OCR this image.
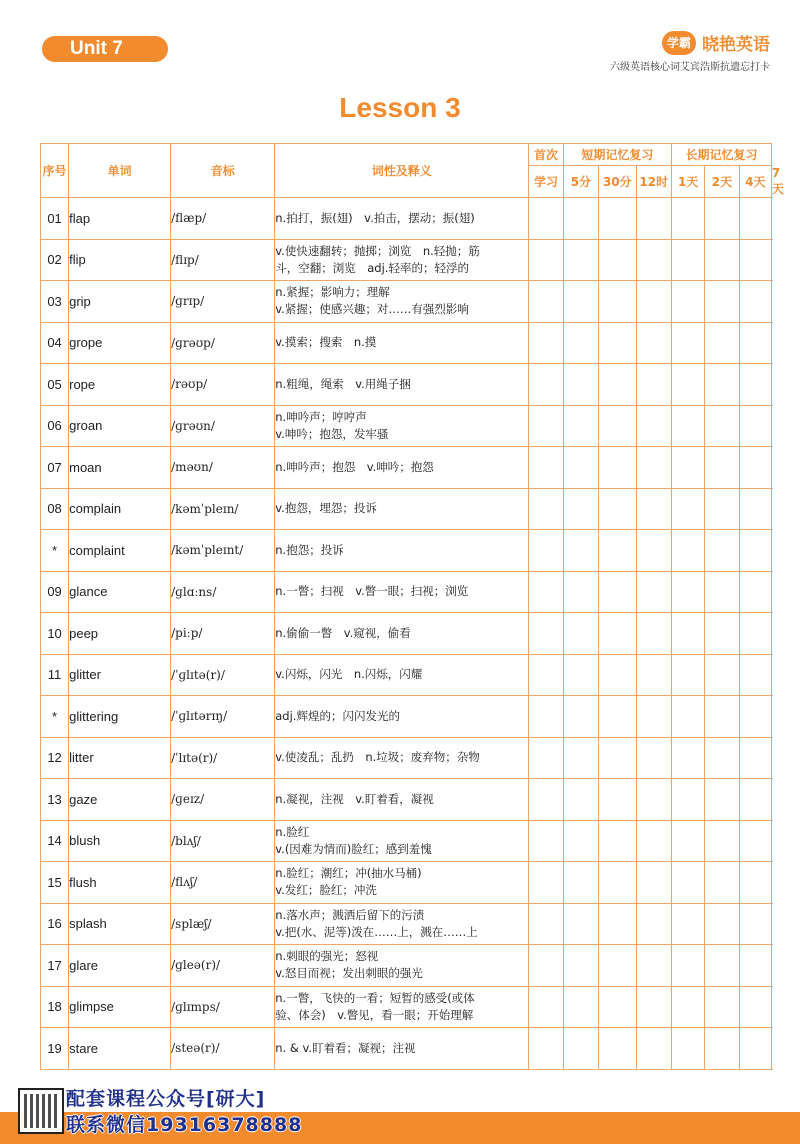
Unit 7	学霸 晓艳英语
六级英语核心词艾宾浩斯抗遗忘打卡
Lesson 3
序号	单词	音标	词性及释义	首次	短期记忆复习			长期记忆复习			
				学习	5分	30分	12时	1天	2天	4天	7天
01	flap	/flæp/	n.拍打，振(翅)　v.拍击，摆动；振(翅)								

02	flip	/flɪp/	v.使快速翻转；抛掷；浏览　n.轻抛；筋
斗，空翻；浏览　adj.轻率的；轻浮的								

03	grip	/ɡrɪp/	n.紧握；影响力；理解
v.紧握；使感兴趣；对……有强烈影响								

04	grope	/ɡrəʊp/	v.摸索；搜索　n.摸								

05	rope	/rəʊp/	n.粗绳，绳索　v.用绳子捆								

06	groan	/ɡrəʊn/	n.呻吟声；哼哼声
v.呻吟；抱怨，发牢骚								

07	moan	/məʊn/	n.呻吟声；抱怨　v.呻吟；抱怨								

08	complain	/kəmˈpleɪn/	v.抱怨，埋怨；投诉								

*	complaint	/kəmˈpleɪnt/	n.抱怨；投诉								

09	glance	/ɡlɑːns/	n.一瞥；扫视　v.瞥一眼；扫视；浏览								

10	peep	/piːp/	n.偷偷一瞥　v.窥视，偷看								

11	glitter	/ˈɡlɪtə(r)/	v.闪烁，闪光　n.闪烁，闪耀								

*	glittering	/ˈɡlɪtərɪŋ/	adj.辉煌的；闪闪发光的								

12	litter	/ˈlɪtə(r)/	v.使凌乱；乱扔　n.垃圾；废弃物；杂物								

13	gaze	/ɡeɪz/	n.凝视，注视　v.盯着看，凝视								

14	blush	/blʌʃ/	n.脸红
v.(因难为情而)脸红；感到羞愧								

15	flush	/flʌʃ/	n.脸红；潮红；冲(抽水马桶)
v.发红；脸红；冲洗								

16	splash	/splæʃ/	n.落水声；溅洒后留下的污渍
v.把(水、泥等)泼在……上，溅在……上								

17	glare	/ɡleə(r)/	n.刺眼的强光；怒视
v.怒目而视；发出刺眼的强光								

18	glimpse	/ɡlɪmps/	n.一瞥，飞快的一看；短暂的感受(或体
验、体会)　v.瞥见，看一眼；开始理解								

19	stare	/steə(r)/	n. & v.盯着看；凝视；注视								

配套课程公众号[研大]
联系微信19316378888
